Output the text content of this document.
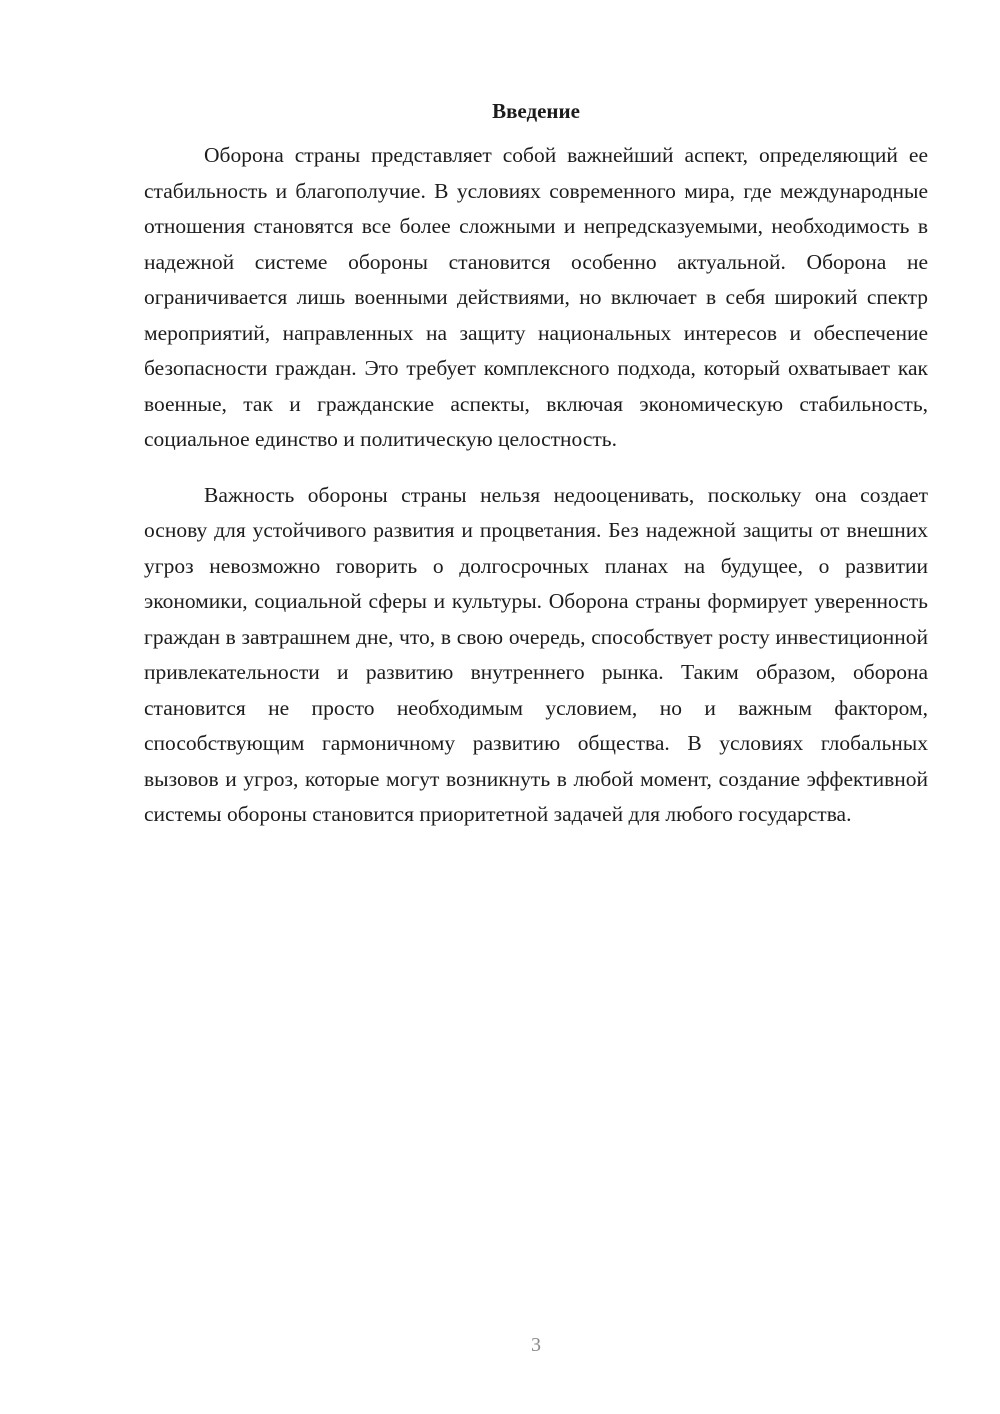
Введение

Оборона страны представляет собой важнейший аспект, определяющий ее стабильность и благополучие. В условиях современного мира, где международные отношения становятся все более сложными и непредсказуемыми, необходимость в надежной системе обороны становится особенно актуальной. Оборона не ограничивается лишь военными действиями, но включает в себя широкий спектр мероприятий, направленных на защиту национальных интересов и обеспечение безопасности граждан. Это требует комплексного подхода, который охватывает как военные, так и гражданские аспекты, включая экономическую стабильность, социальное единство и политическую целостность.

Важность обороны страны нельзя недооценивать, поскольку она создает основу для устойчивого развития и процветания. Без надежной защиты от внешних угроз невозможно говорить о долгосрочных планах на будущее, о развитии экономики, социальной сферы и культуры. Оборона страны формирует уверенность граждан в завтрашнем дне, что, в свою очередь, способствует росту инвестиционной привлекательности и развитию внутреннего рынка. Таким образом, оборона становится не просто необходимым условием, но и важным фактором, способствующим гармоничному развитию общества. В условиях глобальных вызовов и угроз, которые могут возникнуть в любой момент, создание эффективной системы обороны становится приоритетной задачей для любого государства.

3
